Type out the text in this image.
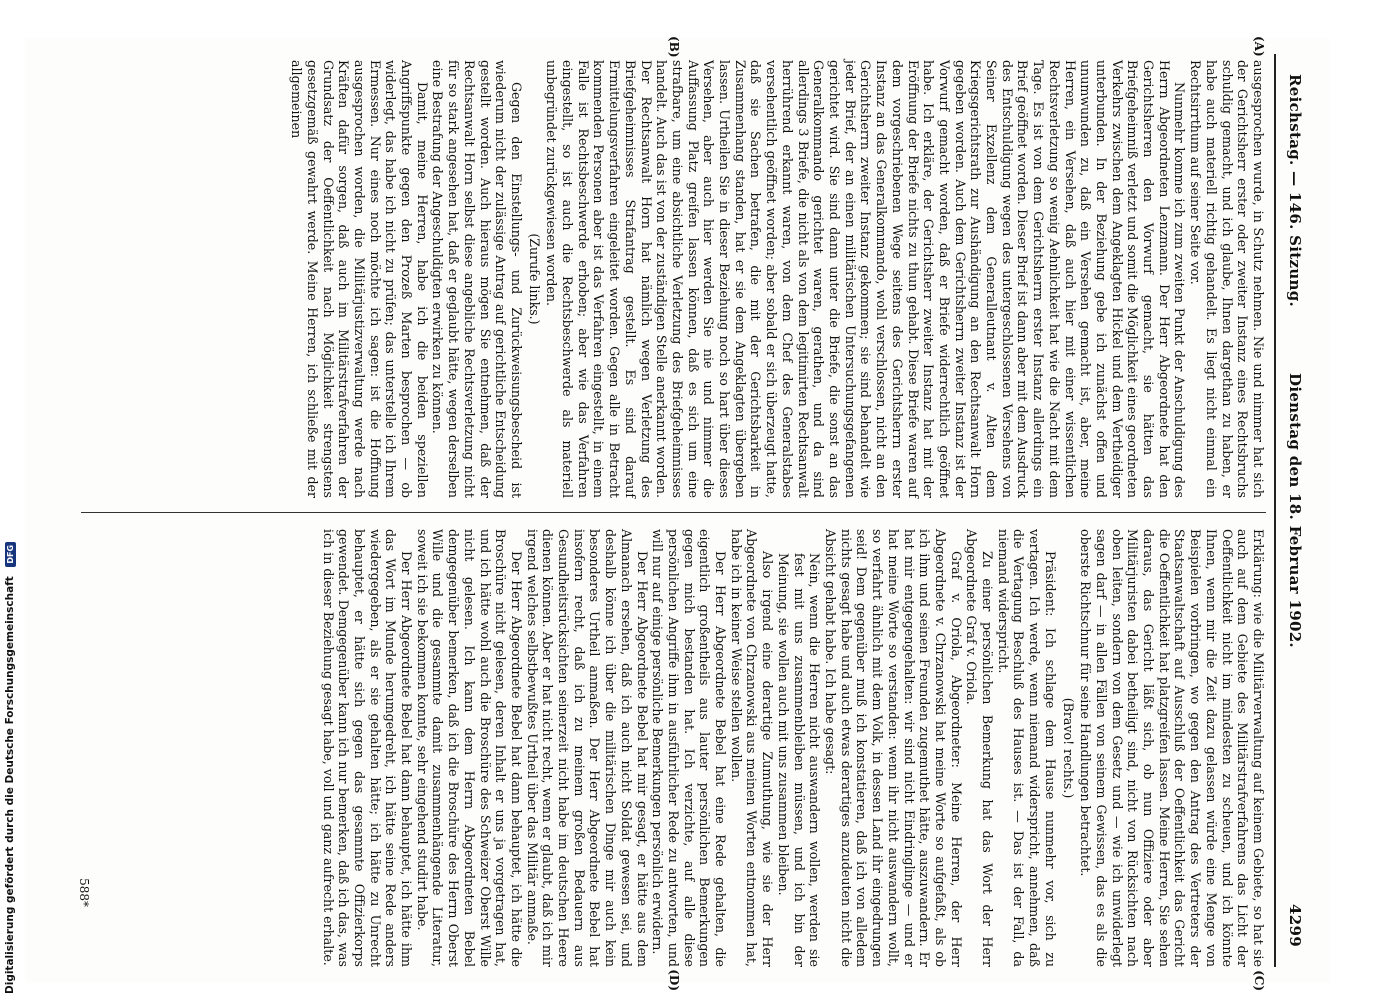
Reichstag. — 146. Sitzung.
Dienstag den 18. Februar 1902.
4299
(A)
(B)

ausgesprochen wurde, in Schutz nehmen. Nie und nimmer hat sich der Gerichtsherr erster oder zweiter Instanz eines Rechtsbruchs schuldig gemacht, und ich glaube, Ihnen dargethan zu haben, er habe auch materiell richtig gehandelt. Es liegt nicht einmal ein Rechtsirrthum auf seiner Seite vor.

Nunmehr komme ich zum zweiten Punkt der Anschuldigung des Herrn Abgeordneten Lenzmann. Der Herr Abgeordnete hat den Gerichtsherren den Vorwurf gemacht, sie hätten das Briefgeheimniß verletzt und somit die Möglichkeit eines geordneten Verkehrs zwischen dem Angeklagten Hickel und dem Vertheidiger unterbunden. In der Beziehung gebe ich zunächst offen und unumwunden zu, daß ein Versehen gemacht ist, aber, meine Herren, ein Versehen, daß auch hier mit einer wissentlichen Rechtsverletzung so wenig Aehnlichkeit hat wie die Nacht mit dem Tage. Es ist von dem Gerichtsherrn erster Instanz allerdings ein Brief geöffnet worden. Dieser Brief ist dann aber mit dem Ausdruck des Entschuldigung wegen des untergeschlossenen Versehens von Seiner Exzellenz dem Generalleutnant v. Alten dem Kriegsgerichtsrath zur Aushändigung an den Rechtsanwalt Horn gegeben worden. Auch dem Gerichtsherrn zweiter Instanz ist der Vorwurf gemacht worden, daß er Briefe widerrechtlich geöffnet habe. Ich erkläre, der Gerichtsherr zweiter Instanz hat mit der Eröffnung der Briefe nichts zu thun gehabt. Diese Briefe waren auf dem vorgeschriebenen Wege seitens des Gerichtsherrn erster Instanz an das Generalkommando, wohl verschlossen, nicht an den Gerichtsherrn zweiter Instanz gekommen; sie sind behandelt wie jeder Brief, der an einen militärischen Untersuchungsgefangenen gerichtet wird. Sie sind dann unter die Briefe, die sonst an das Generalkommando gerichtet waren, gerathen, und da sind allerdings 3 Briefe, die nicht als von dem legitimirten Rechtsanwalt herrührend erkannt waren, von dem Chef des Generalstabes versehentlich geöffnet worden; aber sobald er sich überzeugt hatte, daß sie Sachen betrafen, die mit der Gerichtsbarkeit in Zusammenhang standen, hat er sie dem Angeklagten übergeben lassen. Urtheilen Sie in dieser Beziehung noch so hart über dieses Versehen, aber auch hier werden Sie nie und nimmer die Auffassung Platz greifen lassen können, daß es sich um eine strafbare, um eine absichtliche Verletzung des Briefgeheimnisses handelt. Auch das ist von der zuständigen Stelle anerkannt worden. Der Rechtsanwalt Horn hat nämlich wegen Verletzung des Briefgeheimnisses Strafantrag gestellt. Es sind darauf Ermittelungsverfahren eingeleitet worden. Gegen alle in Betracht kommenden Personen aber ist das Verfahren eingestellt, in einem Falle ist Rechtsbeschwerde erhoben; aber wie das Verfahren eingestellt, so ist auch die Rechtsbeschwerde als materiell unbegründet zurückgewiesen worden.

(Zurufe links.)

Gegen den Einstellungs- und Zurückweisungsbescheid ist wiederum nicht der zulässige Antrag auf gerichtliche Entscheidung gestellt worden. Auch hieraus mögen Sie entnehmen, daß der Rechtsanwalt Horn selbst diese angebliche Rechtsverletzung nicht für so stark angesehen hat, daß er geglaubt hätte, wegen derselben eine Bestrafung der Angeschuldigten erwirken zu können.

Damit, meine Herren, habe ich die beiden speziellen Angriffspunkte gegen den Prozeß Marten besprochen — ob widerlegt, das habe ich nicht zu prüfen; das unterstelle ich Ihrem Ermessen. Nur eines noch möchte ich sagen: ist die Hoffnung ausgesprochen worden, die Militärjustizverwaltung werde nach Kräften dafür sorgen, daß auch im Militärstrafverfahren der Grundsatz der Oeffentlichkeit nach Möglichkeit strengstens gesetzgemäß gewahrt werde. Meine Herren, ich schließe mit der allgemeinen

(C)
(D)

Erklärung: wie die Militärverwaltung auf keinem Gebiete, so hat sie auch auf dem Gebiete des Militärstrafverfahrens das Licht der Oeffentlichkeit nicht im mindesten zu scheuen, und ich könnte Ihnen, wenn mir die Zeit dazu gelassen würde eine Menge von Beispielen vorbringen, wo gegen den Antrag des Vertreters der Staatsanwaltschaft auf Ausschluß der Oeffentlichkeit das Gericht die Oeffentlichkeit hat platzgreifen lassen. Meine Herren, Sie sehen daraus, das Gericht läßt sich, ob nun Offiziere oder aber Militärjuristen dabei betheiligt sind, nicht von Rücksichten nach oben leiten, sondern von dem Gesetz und — wie ich unwiderlegt sagen darf — in allen Fällen von seinem Gewissen, das es als die oberste Richtschnur für seine Handlungen betrachtet.

(Bravo! rechts.)

Präsident: Ich schlage dem Hause nunmehr vor, sich zu vertagen. Ich werde, wenn niemand widerspricht, annehmen, daß die Vertagung Beschluß des Hauses ist. — Das ist der Fall, da niemand widerspricht.

Zu einer persönlichen Bemerkung hat das Wort der Herr Abgeordnete Graf v. Oriola.

Graf v. Oriola, Abgeordneter: Meine Herren, der Herr Abgeordnete v. Chrzanowski hat meine Worte so aufgefaßt, als ob ich ihm und seinen Freunden zugemuthet hätte, auszuwandern. Er hat mir entgegengehalten: wir sind nicht Eindringlinge — und er hat meine Worte so verstanden: wenn ihr nicht auswandern wollt, so verfahrt ähnlich mit dem Volk, in dessen Land ihr eingedrungen seid! Dem gegenüber muß ich konstatieren, daß ich von alledem nichts gesagt habe und auch etwas derartiges anzudeuten nicht die Absicht gehabt habe. Ich habe gesagt:

Nein, wenn die Herren nicht auswandern wollen, werden sie fest mit uns zusammenbleiben müssen, und ich bin der Meinung, sie wollen auch mit uns zusammen bleiben.

Also irgend eine derartige Zumuthung, wie sie der Herr Abgeordnete von Chrzanowski aus meinen Worten entnommen hat, habe ich in keiner Weise stellen wollen.

Der Herr Abgeordnete Bebel hat eine Rede gehalten, die eigentlich großentheils aus lauter persönlichen Bemerkungen gegen mich bestanden hat. Ich verzichte, auf alle diese persönlichen Angriffe ihm in ausführlicher Rede zu antworten, und will nur auf einige persönliche Bemerkungen persönlich erwidern.

Der Herr Abgeordnete Bebel hat mir gesagt, er hätte aus dem Almanach ersehen, daß ich auch nicht Soldat gewesen sei, und deshalb könne ich über die militärischen Dinge mir auch kein besonderes Urtheil anmaßen. Der Herr Abgeordnete Bebel hat insofern recht, daß ich zu meinem großen Bedauern aus Gesundheitsrücksichten seinerzeit nicht habe im deutschen Heere dienen können. Aber er hat nicht recht, wenn er glaubt, daß ich mir irgend welches selbstbewußtes Urtheil über das Militär anmaße.

Der Herr Abgeordnete Bebel hat dann behauptet, ich hätte die Broschüre nicht gelesen, deren Inhalt er uns ja vorgetragen hat, und ich hätte wohl auch die Broschüre des Schweizer Oberst Wille nicht gelesen. Ich kann dem Herrn Abgeordneten Bebel demgegenüber bemerken, daß ich die Broschüre des Herrn Oberst Wille und die gesammte damit zusammenhängende Literatur, soweit ich sie bekommen konnte, sehr eingehend studirt habe.

Der Herr Abgeordnete Bebel hat dann behauptet, ich hätte ihm das Wort im Munde herumgedreht, ich hätte seine Rede anders wiedergegeben, als er sie gehalten hätte; ich hätte zu Unrecht behauptet, er hätte sich gegen das gesammte Offizierkorps gewendet. Demgegenüber kann ich nur bemerken, daß ich das, was ich in dieser Beziehung gesagt habe, voll und ganz aufrecht erhalte.

588*
Digitalisierung gefördert durch die Deutsche Forschungsgemeinschaft DFG
